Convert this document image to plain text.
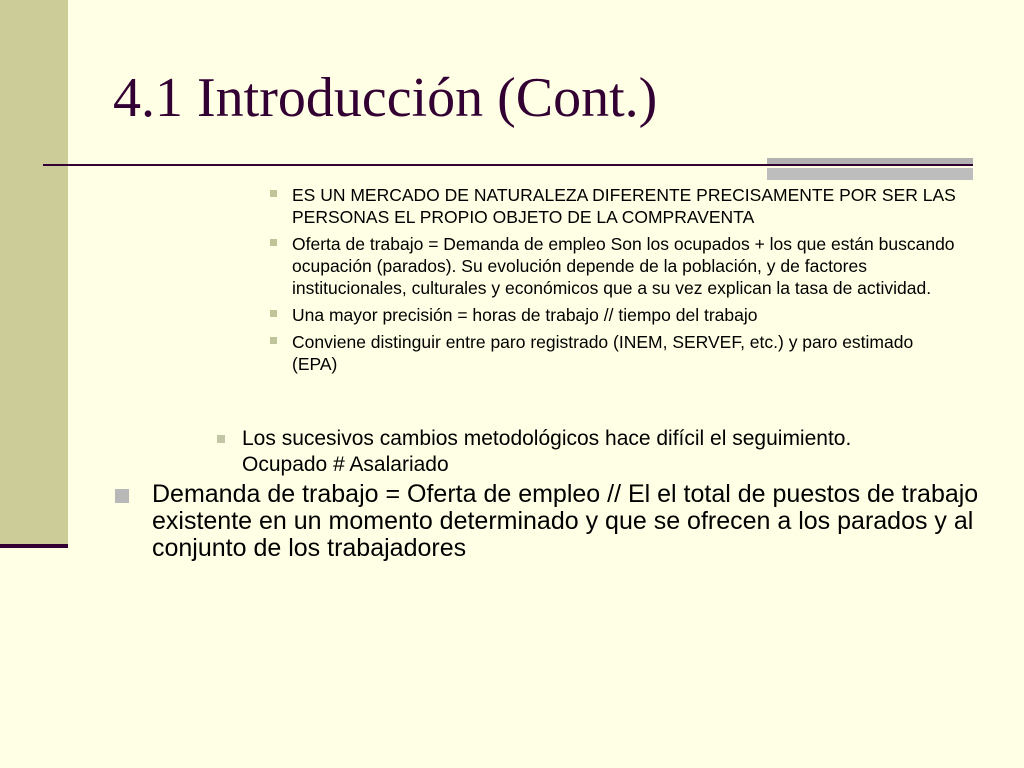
4.1 Introducción (Cont.)
ES UN MERCADO DE NATURALEZA DIFERENTE PRECISAMENTE POR SER LAS PERSONAS EL PROPIO OBJETO DE LA COMPRAVENTA
Oferta de trabajo = Demanda de empleo Son los ocupados + los que están buscando ocupación (parados). Su evolución depende de la población, y de factores institucionales, culturales y económicos que a su vez explican la tasa de actividad.
Una mayor precisión = horas de trabajo // tiempo del trabajo
Conviene distinguir entre paro registrado (INEM, SERVEF, etc.) y paro estimado (EPA)
Los sucesivos cambios metodológicos hace difícil el seguimiento. Ocupado # Asalariado
Demanda de trabajo = Oferta de empleo // El el total de puestos de trabajo existente en un momento determinado y que se ofrecen a los parados y al conjunto de los trabajadores
